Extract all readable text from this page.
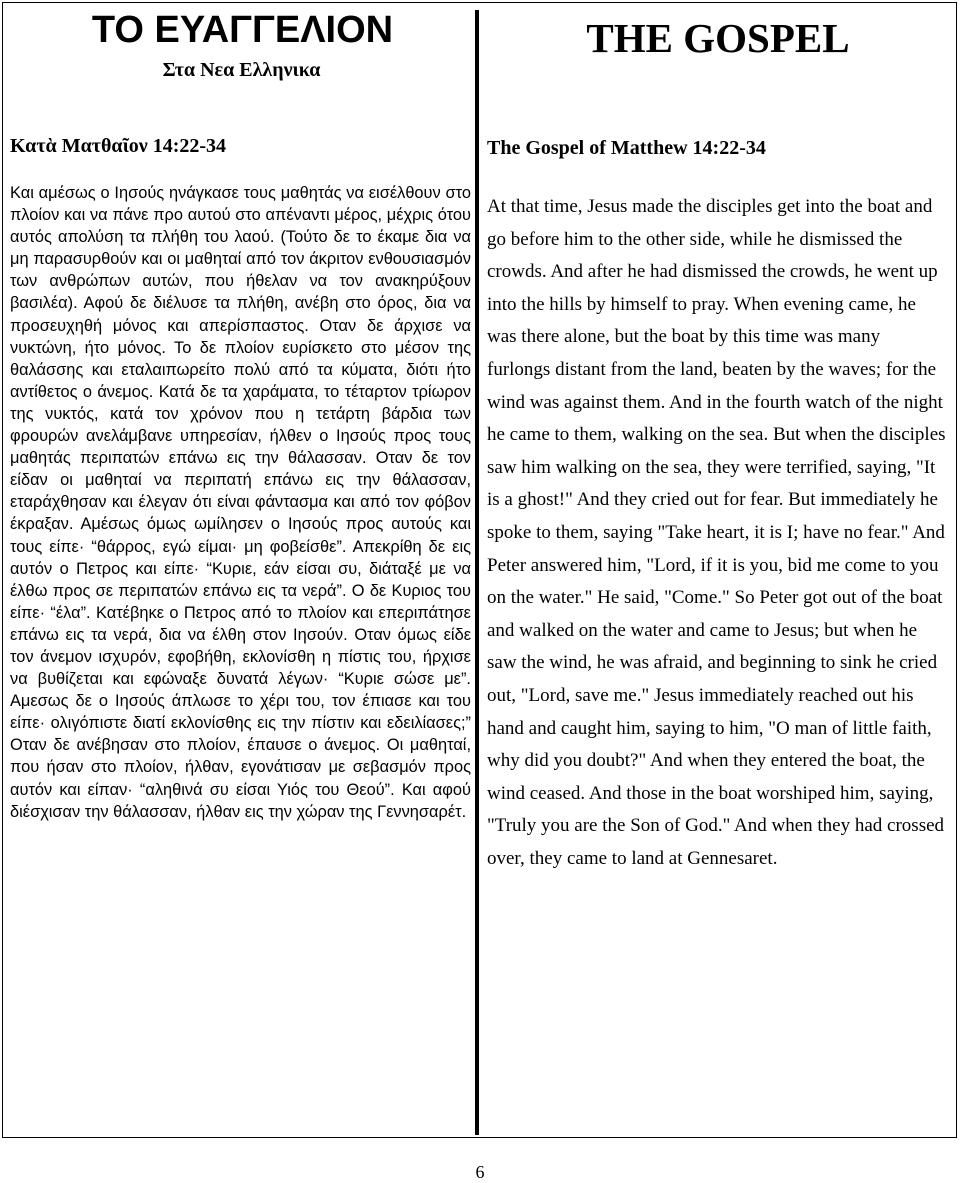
ΤΟ ΕΥΑΓΓΕΛΙΟΝ
Στα Νεα Ελληνικα
Κατὰ Ματθαῖον 14:22-34

Και αμέσως ο Ιησούς ηνάγκασε τους μαθητάς να εισέλθουν στο πλοίον και να πάνε προ αυτού στο απέναντι μέρος, μέχρις ότου αυτός απολύση τα πλήθη του λαού. (Τούτο δε το έκαμε δια να μη παρασυρθούν και οι μαθηταί από τον άκριτον ενθουσιασμόν των ανθρώπων αυτών, που ήθελαν να τον ανακηρύξουν βασιλέα). Αφού δε διέλυσε τα πλήθη, ανέβη στο όρος, δια να προσευχηθή μόνος και απερίσπαστος. Οταν δε άρχισε να νυκτώνη, ήτο μόνος. Το δε πλοίον ευρίσκετο στο μέσον της θαλάσσης και εταλαιπωρείτο πολύ από τα κύματα, διότι ήτο αντίθετος ο άνεμος. Κατά δε τα χαράματα, το τέταρτον τρίωρον της νυκτός, κατά τον χρόνον που η τετάρτη βάρδια των φρουρών ανελάμβανε υπηρεσίαν, ήλθεν ο Ιησούς προς τους μαθητάς περιπατών επάνω εις την θάλασσαν. Οταν δε τον είδαν οι μαθηταί να περιπατή επάνω εις την θάλασσαν, εταράχθησαν και έλεγαν ότι είναι φάντασμα και από τον φόβον έκραξαν. Αμέσως όμως ωμίλησεν ο Ιησούς προς αυτούς και τους είπε· “θάρρος, εγώ είμαι· μη φοβείσθε”. Απεκρίθη δε εις αυτόν ο Πετρος και είπε· “Κυριε, εάν είσαι συ, διάταξέ με να έλθω προς σε περιπατών επάνω εις τα νερά”. Ο δε Κυριος του είπε· “έλα”. Κατέβηκε ο Πετρος από το πλοίον και επεριπάτησε επάνω εις τα νερά, δια να έλθη στον Ιησούν. Οταν όμως είδε τον άνεμον ισχυρόν, εφοβήθη, εκλονίσθη η πίστις του, ήρχισε να βυθίζεται και εφώναξε δυνατά λέγων· “Κυριε σώσε με”. Αμεσως δε ο Ιησούς άπλωσε το χέρι του, τον έπιασε και του είπε· ολιγόπιστε διατί εκλονίσθης εις την πίστιν και εδειλίασες;” Οταν δε ανέβησαν στο πλοίον, έπαυσε ο άνεμος. Οι μαθηταί, που ήσαν στο πλοίον, ήλθαν, εγονάτισαν με σεβασμόν προς αυτόν και είπαν· “αληθινά συ είσαι Υιός του Θεού”. Και αφού διέσχισαν την θάλασσαν, ήλθαν εις την χώραν της Γεννησαρέτ.

THE GOSPEL
The Gospel of Matthew 14:22-34

At that time, Jesus made the disciples get into the boat and go before him to the other side, while he dismissed the crowds. And after he had dismissed the crowds, he went up into the hills by himself to pray. When evening came, he was there alone, but the boat by this time was many furlongs distant from the land, beaten by the waves; for the wind was against them. And in the fourth watch of the night he came to them, walking on the sea. But when the disciples saw him walking on the sea, they were terrified, saying, "It is a ghost!" And they cried out for fear. But immediately he spoke to them, saying "Take heart, it is I; have no fear." And Peter answered him, "Lord, if it is you, bid me come to you on the water." He said, "Come." So Peter got out of the boat and walked on the water and came to Jesus; but when he saw the wind, he was afraid, and beginning to sink he cried out, "Lord, save me." Jesus immediately reached out his hand and caught him, saying to him, "O man of little faith, why did you doubt?" And when they entered the boat, the wind ceased. And those in the boat worshiped him, saying, "Truly you are the Son of God." And when they had crossed over, they came to land at Gennesaret.

6
